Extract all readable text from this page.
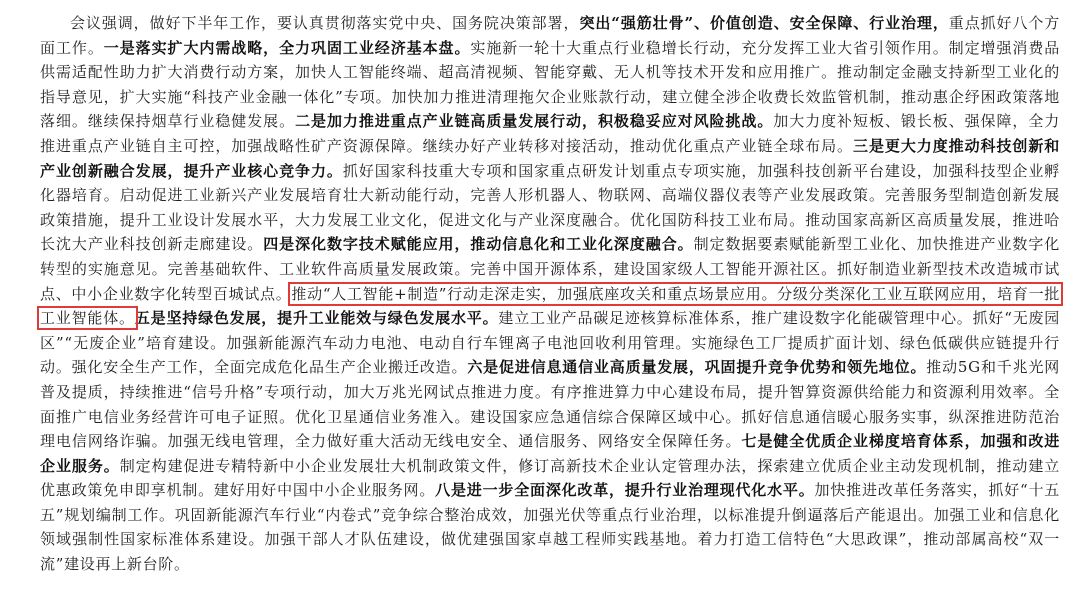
会议强调，做好下半年工作，要认真贯彻落实党中央、国务院决策部署，突出“强筋壮骨”、价值创造、安全保障、行业治理，重点抓好八个方面工作。一是落实扩大内需战略，全力巩固工业经济基本盘。实施新一轮十大重点行业稳增长行动，充分发挥工业大省引领作用。制定增强消费品供需适配性助力扩大消费行动方案，加快人工智能终端、超高清视频、智能穿戴、无人机等技术开发和应用推广。推动制定金融支持新型工业化的指导意见，扩大实施“科技产业金融一体化”专项。加快加力推进清理拖欠企业账款行动，建立健全涉企收费长效监管机制，推动惠企纾困政策落地落细。继续保持烟草行业稳健发展。二是加力推进重点产业链高质量发展行动，积极稳妥应对风险挑战。加大力度补短板、锻长板、强保障，全力推进重点产业链自主可控，加强战略性矿产资源保障。继续办好产业转移对接活动，推动优化重点产业链全球布局。三是更大力度推动科技创新和产业创新融合发展，提升产业核心竞争力。抓好国家科技重大专项和国家重点研发计划重点专项实施，加强科技创新平台建设，加强科技型企业孵化器培育。启动促进工业新兴产业发展培育壮大新动能行动，完善人形机器人、物联网、高端仪器仪表等产业发展政策。完善服务型制造创新发展政策措施，提升工业设计发展水平，大力发展工业文化，促进文化与产业深度融合。优化国防科技工业布局。推动国家高新区高质量发展，推进哈长沈大产业科技创新走廊建设。四是深化数字技术赋能应用，推动信息化和工业化深度融合。制定数据要素赋能新型工业化、加快推进产业数字化转型的实施意见。完善基础软件、工业软件高质量发展政策。完善中国开源体系，建设国家级人工智能开源社区。抓好制造业新型技术改造城市试点、中小企业数字化转型百城试点。推动“人工智能+制造”行动走深走实，加强底座攻关和重点场景应用。分级分类深化工业互联网应用，培育一批工业智能体。五是坚持绿色发展，提升工业能效与绿色发展水平。建立工业产品碳足迹核算标准体系，推广建设数字化能碳管理中心。抓好“无废园区”“无废企业”培育建设。加强新能源汽车动力电池、电动自行车锂离子电池回收利用管理。实施绿色工厂提质扩面计划、绿色低碳供应链提升行动。强化安全生产工作，全面完成危化品生产企业搬迁改造。六是促进信息通信业高质量发展，巩固提升竞争优势和领先地位。推动5G和千兆光网普及提质，持续推进“信号升格”专项行动，加大万兆光网试点推进力度。有序推进算力中心建设布局，提升智算资源供给能力和资源利用效率。全面推广电信业务经营许可电子证照。优化卫星通信业务准入。建设国家应急通信综合保障区域中心。抓好信息通信暖心服务实事，纵深推进防范治理电信网络诈骗。加强无线电管理，全力做好重大活动无线电安全、通信服务、网络安全保障任务。七是健全优质企业梯度培育体系，加强和改进企业服务。制定构建促进专精特新中小企业发展壮大机制政策文件，修订高新技术企业认定管理办法，探索建立优质企业主动发现机制，推动建立优惠政策免申即享机制。建好用好中国中小企业服务网。八是进一步全面深化改革，提升行业治理现代化水平。加快推进改革任务落实，抓好“十五五”规划编制工作。巩固新能源汽车行业“内卷式”竞争综合整治成效，加强光伏等重点行业治理，以标准提升倒逼落后产能退出。加强工业和信息化领域强制性国家标准体系建设。加强干部人才队伍建设，做优建强国家卓越工程师实践基地。着力打造工信特色“大思政课”，推动部属高校“双一流”建设再上新台阶。
